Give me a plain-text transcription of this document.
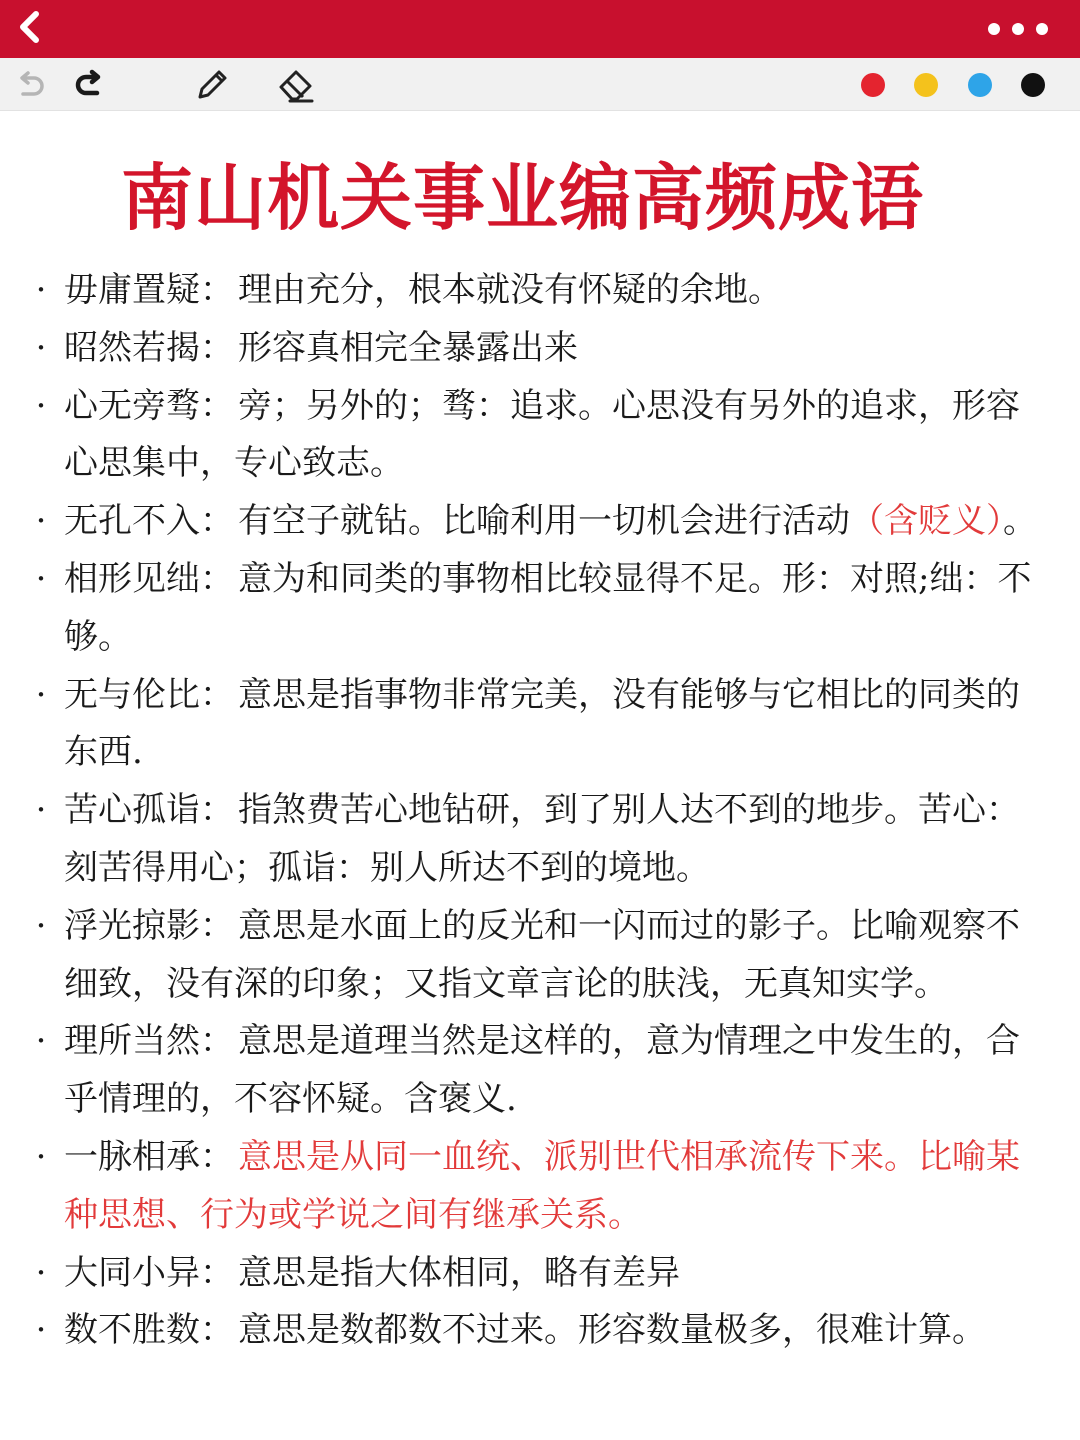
南山机关事业编高频成语
· 毋庸置疑：理由充分，根本就没有怀疑的余地。
· 昭然若揭：形容真相完全暴露出来
· 心无旁骛：旁；另外的；骛：追求。心思没有另外的追求，形容心思集中，专心致志。
· 无孔不入：有空子就钻。比喻利用一切机会进行活动（含贬义）。
· 相形见绌：意为和同类的事物相比较显得不足。形：对照;绌：不够。
· 无与伦比：意思是指事物非常完美，没有能够与它相比的同类的东西.
· 苦心孤诣：指煞费苦心地钻研，到了别人达不到的地步。苦心：刻苦得用心；孤诣：别人所达不到的境地。
· 浮光掠影：意思是水面上的反光和一闪而过的影子。比喻观察不细致，没有深的印象；又指文章言论的肤浅，无真知实学。
· 理所当然：意思是道理当然是这样的，意为情理之中发生的，合乎情理的，不容怀疑。含褒义.
· 一脉相承：意思是从同一血统、派别世代相承流传下来。比喻某种思想、行为或学说之间有继承关系。
· 大同小异：意思是指大体相同，略有差异
· 数不胜数：意思是数都数不过来。形容数量极多，很难计算。
